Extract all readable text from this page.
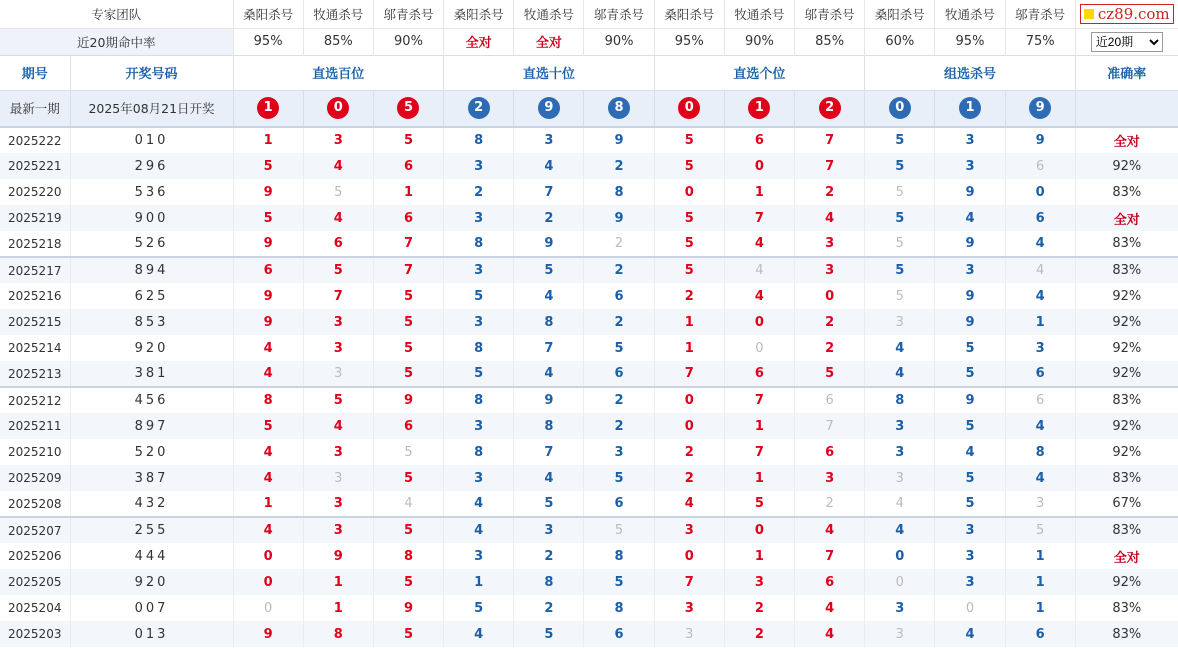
专家团队		桑阳杀号	牧通杀号	邬青杀号	桑阳杀号	牧通杀号	邬青杀号	桑阳杀号	牧通杀号	邬青杀号	桑阳杀号	牧通杀号	邬青杀号	cz89.com

近20期命中率		95%	85%	90%	全对	全对	90%	95%	90%	85%	60%	95%	75%	
近20期
期号	开奖号码	直选百位			直选十位			直选个位			组选杀号			准确率
最新一期	2025年08月21日开奖	1	0	5	2	9	8	0	1	2	0	1	9	
2025222	010	1	3	5	8	3	9	5	6	7	5	3	9	全对
2025221	296	5	4	6	3	4	2	5	0	7	5	3	6	92%
2025220	536	9	5	1	2	7	8	0	1	2	5	9	0	83%
2025219	900	5	4	6	3	2	9	5	7	4	5	4	6	全对
2025218	526	9	6	7	8	9	2	5	4	3	5	9	4	83%
2025217	894	6	5	7	3	5	2	5	4	3	5	3	4	83%
2025216	625	9	7	5	5	4	6	2	4	0	5	9	4	92%
2025215	853	9	3	5	3	8	2	1	0	2	3	9	1	92%
2025214	920	4	3	5	8	7	5	1	0	2	4	5	3	92%
2025213	381	4	3	5	5	4	6	7	6	5	4	5	6	92%
2025212	456	8	5	9	8	9	2	0	7	6	8	9	6	83%
2025211	897	5	4	6	3	8	2	0	1	7	3	5	4	92%
2025210	520	4	3	5	8	7	3	2	7	6	3	4	8	92%
2025209	387	4	3	5	3	4	5	2	1	3	3	5	4	83%
2025208	432	1	3	4	4	5	6	4	5	2	4	5	3	67%
2025207	255	4	3	5	4	3	5	3	0	4	4	3	5	83%
2025206	444	0	9	8	3	2	8	0	1	7	0	3	1	全对
2025205	920	0	1	5	1	8	5	7	3	6	0	3	1	92%
2025204	007	0	1	9	5	2	8	3	2	4	3	0	1	83%
2025203	013	9	8	5	4	5	6	3	2	4	3	4	6	83%
